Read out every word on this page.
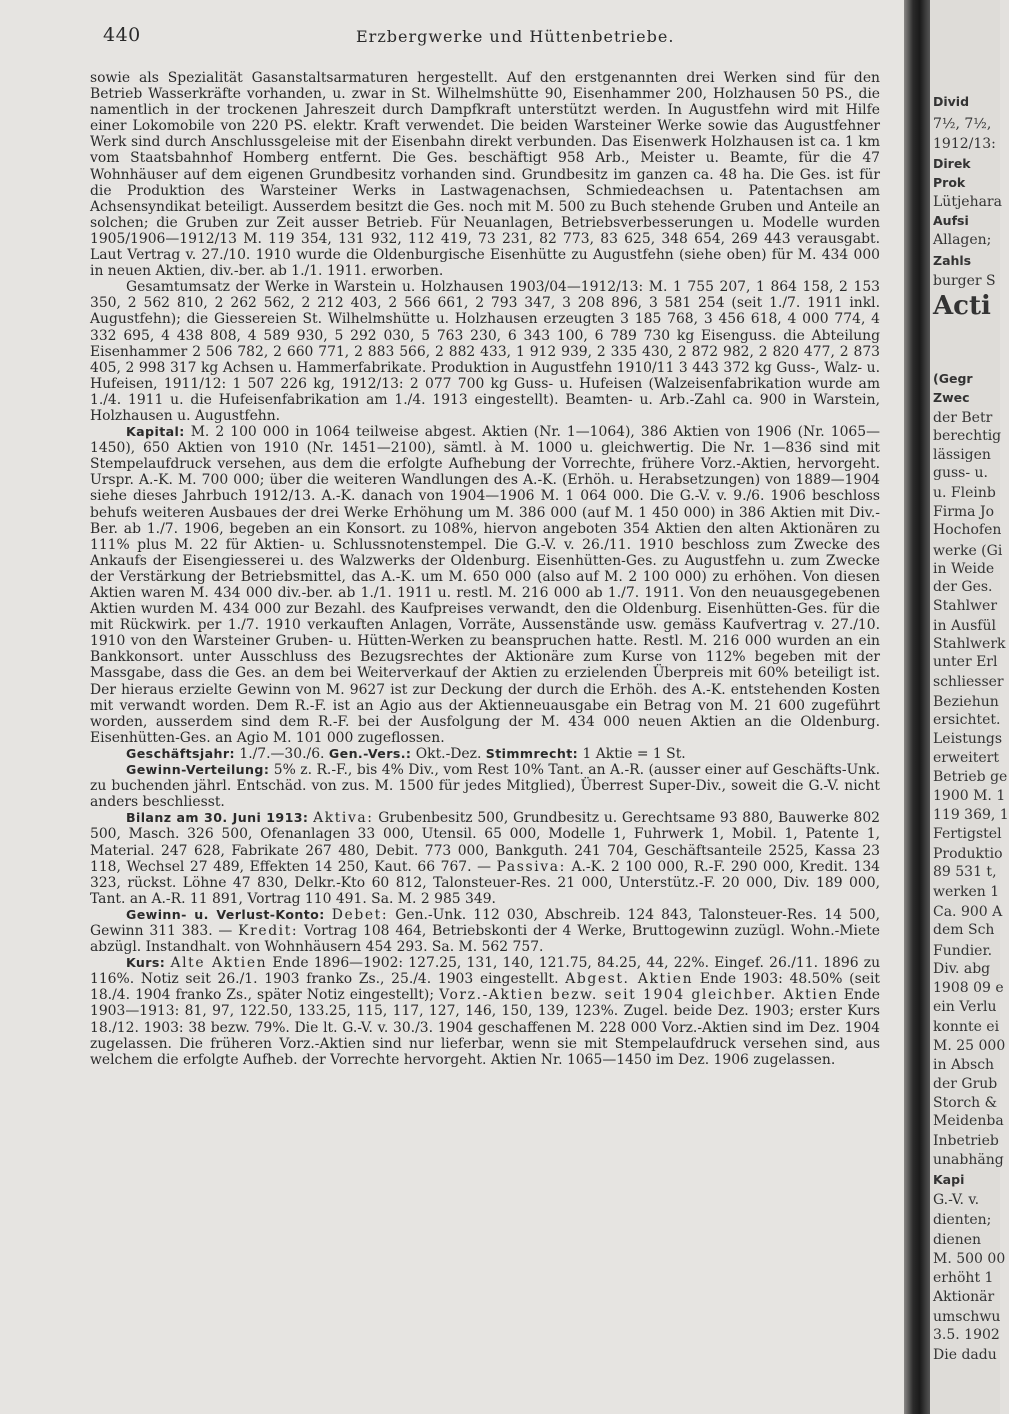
440	Erzbergwerke und Hüttenbetriebe.

sowie als Spezialität Gasanstaltsarmaturen hergestellt. Auf den erstgenannten drei Werken sind für den Betrieb Wasserkräfte vorhanden, u. zwar in St. Wilhelmshütte 90, Eisenhammer 200, Holzhausen 50 PS., die namentlich in der trockenen Jahreszeit durch Dampfkraft unterstützt werden. In Augustfehn wird mit Hilfe einer Lokomobile von 220 PS. elektr. Kraft verwendet. Die beiden Warsteiner Werke sowie das Augustfehner Werk sind durch Anschlussgeleise mit der Eisenbahn direkt verbunden. Das Eisenwerk Holzhausen ist ca. 1 km vom Staatsbahnhof Homberg entfernt. Die Ges. beschäftigt 958 Arb., Meister u. Beamte, für die 47 Wohnhäuser auf dem eigenen Grundbesitz vorhanden sind. Grundbesitz im ganzen ca. 48 ha. Die Ges. ist für die Produktion des Warsteiner Werks in Lastwagenachsen, Schmiedeachsen u. Patentachsen am Achsensyndikat beteiligt. Ausserdem besitzt die Ges. noch mit M. 500 zu Buch stehende Gruben und Anteile an solchen; die Gruben zur Zeit ausser Betrieb. Für Neuanlagen, Betriebsverbesserungen u. Modelle wurden 1905/1906—1912/13 M. 119 354, 131 932, 112 419, 73 231, 82 773, 83 625, 348 654, 269 443 verausgabt. Laut Vertrag v. 27./10. 1910 wurde die Oldenburgische Eisenhütte zu Augustfehn (siehe oben) für M. 434 000 in neuen Aktien, div.-ber. ab 1./1. 1911. erworben.

Gesamtumsatz der Werke in Warstein u. Holzhausen 1903/04—1912/13: M. 1 755 207, 1 864 158, 2 153 350, 2 562 810, 2 262 562, 2 212 403, 2 566 661, 2 793 347, 3 208 896, 3 581 254 (seit 1./7. 1911 inkl. Augustfehn); die Giessereien St. Wilhelmshütte u. Holzhausen erzeugten 3 185 768, 3 456 618, 4 000 774, 4 332 695, 4 438 808, 4 589 930, 5 292 030, 5 763 230, 6 343 100, 6 789 730 kg Eisenguss. die Abteilung Eisenhammer 2 506 782, 2 660 771, 2 883 566, 2 882 433, 1 912 939, 2 335 430, 2 872 982, 2 820 477, 2 873 405, 2 998 317 kg Achsen u. Hammerfabrikate. Produktion in Augustfehn 1910/11 3 443 372 kg Guss-, Walz- u. Hufeisen, 1911/12: 1 507 226 kg, 1912/13: 2 077 700 kg Guss- u. Hufeisen (Walzeisenfabrikation wurde am 1./4. 1911 u. die Hufeisenfabrikation am 1./4. 1913 eingestellt). Beamten- u. Arb.-Zahl ca. 900 in Warstein, Holzhausen u. Augustfehn.

Kapital: M. 2 100 000 in 1064 teilweise abgest. Aktien (Nr. 1—1064), 386 Aktien von 1906 (Nr. 1065—1450), 650 Aktien von 1910 (Nr. 1451—2100), sämtl. à M. 1000 u. gleichwertig. Die Nr. 1—836 sind mit Stempelaufdruck versehen, aus dem die erfolgte Aufhebung der Vorrechte, frühere Vorz.-Aktien, hervorgeht. Urspr. A.-K. M. 700 000; über die weiteren Wandlungen des A.-K. (Erhöh. u. Herabsetzungen) von 1889—1904 siehe dieses Jahrbuch 1912/13. A.-K. danach von 1904—1906 M. 1 064 000. Die G.-V. v. 9./6. 1906 beschloss behufs weiteren Ausbaues der drei Werke Erhöhung um M. 386 000 (auf M. 1 450 000) in 386 Aktien mit Div.-Ber. ab 1./7. 1906, begeben an ein Konsort. zu 108%, hiervon angeboten 354 Aktien den alten Aktionären zu 111% plus M. 22 für Aktien- u. Schlussnotenstempel. Die G.-V. v. 26./11. 1910 beschloss zum Zwecke des Ankaufs der Eisengiesserei u. des Walzwerks der Oldenburg. Eisenhütten-Ges. zu Augustfehn u. zum Zwecke der Verstärkung der Betriebsmittel, das A.-K. um M. 650 000 (also auf M. 2 100 000) zu erhöhen. Von diesen Aktien waren M. 434 000 div.-ber. ab 1./1. 1911 u. restl. M. 216 000 ab 1./7. 1911. Von den neuausgegebenen Aktien wurden M. 434 000 zur Bezahl. des Kaufpreises verwandt, den die Oldenburg. Eisenhütten-Ges. für die mit Rückwirk. per 1./7. 1910 verkauften Anlagen, Vorräte, Aussenstände usw. gemäss Kaufvertrag v. 27./10. 1910 von den Warsteiner Gruben- u. Hütten-Werken zu beanspruchen hatte. Restl. M. 216 000 wurden an ein Bankkonsort. unter Ausschluss des Bezugsrechtes der Aktionäre zum Kurse von 112% begeben mit der Massgabe, dass die Ges. an dem bei Weiterverkauf der Aktien zu erzielenden Überpreis mit 60% beteiligt ist. Der hieraus erzielte Gewinn von M. 9627 ist zur Deckung der durch die Erhöh. des A.-K. entstehenden Kosten mit verwandt worden. Dem R.-F. ist an Agio aus der Aktienneuausgabe ein Betrag von M. 21 600 zugeführt worden, ausserdem sind dem R.-F. bei der Ausfolgung der M. 434 000 neuen Aktien an die Oldenburg. Eisenhütten-Ges. an Agio M. 101 000 zugeflossen.

Geschäftsjahr: 1./7.—30./6. Gen.-Vers.: Okt.-Dez. Stimmrecht: 1 Aktie = 1 St.

Gewinn-Verteilung: 5% z. R.-F., bis 4% Div., vom Rest 10% Tant. an A.-R. (ausser einer auf Geschäfts-Unk. zu buchenden jährl. Entschäd. von zus. M. 1500 für jedes Mitglied), Überrest Super-Div., soweit die G.-V. nicht anders beschliesst.

Bilanz am 30. Juni 1913: Aktiva: Grubenbesitz 500, Grundbesitz u. Gerechtsame 93 880, Bauwerke 802 500, Masch. 326 500, Ofenanlagen 33 000, Utensil. 65 000, Modelle 1, Fuhrwerk 1, Mobil. 1, Patente 1, Material. 247 628, Fabrikate 267 480, Debit. 773 000, Bankguth. 241 704, Geschäftsanteile 2525, Kassa 23 118, Wechsel 27 489, Effekten 14 250, Kaut. 66 767. — Passiva: A.-K. 2 100 000, R.-F. 290 000, Kredit. 134 323, rückst. Löhne 47 830, Delkr.-Kto 60 812, Talonsteuer-Res. 21 000, Unterstütz.-F. 20 000, Div. 189 000, Tant. an A.-R. 11 891, Vortrag 110 491. Sa. M. 2 985 349.

Gewinn- u. Verlust-Konto: Debet: Gen.-Unk. 112 030, Abschreib. 124 843, Talonsteuer-Res. 14 500, Gewinn 311 383. — Kredit: Vortrag 108 464, Betriebskonti der 4 Werke, Bruttogewinn zuzügl. Wohn.-Miete abzügl. Instandhalt. von Wohnhäusern 454 293. Sa. M. 562 757.

Kurs: Alte Aktien Ende 1896—1902: 127.25, 131, 140, 121.75, 84.25, 44, 22%. Eingef. 26./11. 1896 zu 116%. Notiz seit 26./1. 1903 franko Zs., 25./4. 1903 eingestellt. Abgest. Aktien Ende 1903: 48.50% (seit 18./4. 1904 franko Zs., später Notiz eingestellt); Vorz.-Aktien bezw. seit 1904 gleichber. Aktien Ende 1903—1913: 81, 97, 122.50, 133.25, 115, 117, 127, 146, 150, 139, 123%. Zugel. beide Dez. 1903; erster Kurs 18./12. 1903: 38 bezw. 79%. Die lt. G.-V. v. 30./3. 1904 geschaffenen M. 228 000 Vorz.-Aktien sind im Dez. 1904 zugelassen. Die früheren Vorz.-Aktien sind nur lieferbar, wenn sie mit Stempelaufdruck versehen sind, aus welchem die erfolgte Aufheb. der Vorrechte hervorgeht. Aktien Nr. 1065—1450 im Dez. 1906 zugelassen.

Divid
7½, 7½,
1912/13:
Direk
Prok
Lütjehara
Aufsi
Allagen;
Zahls
burger S
Acti
(Gegr
Zwec
der Betr
berechtig
lässigen
guss- u.
u. Fleinb
Firma Jo
Hochofen
werke (Gi
in Weide
der Ges.
Stahlwer
in Ausfül
Stahlwerk
unter Erl
schliesser
Beziehun
ersichtet.
Leistungs
erweitert
Betrieb ge
1900 M. 1
119 369, 1
Fertigstel
Produktio
89 531 t,
werken 1
Ca. 900 A
dem Sch
Fundier.
Div. abg
1908 09 e
ein Verlu
konnte ei
M. 25 000
in Absch
der Grub
Storch &
Meidenba
Inbetrieb
unabhäng
Kapi
G.-V. v.
dienten;
dienen
M. 500 00
erhöht 1
Aktionär
umschwu
3.5. 1902
Die dadu
